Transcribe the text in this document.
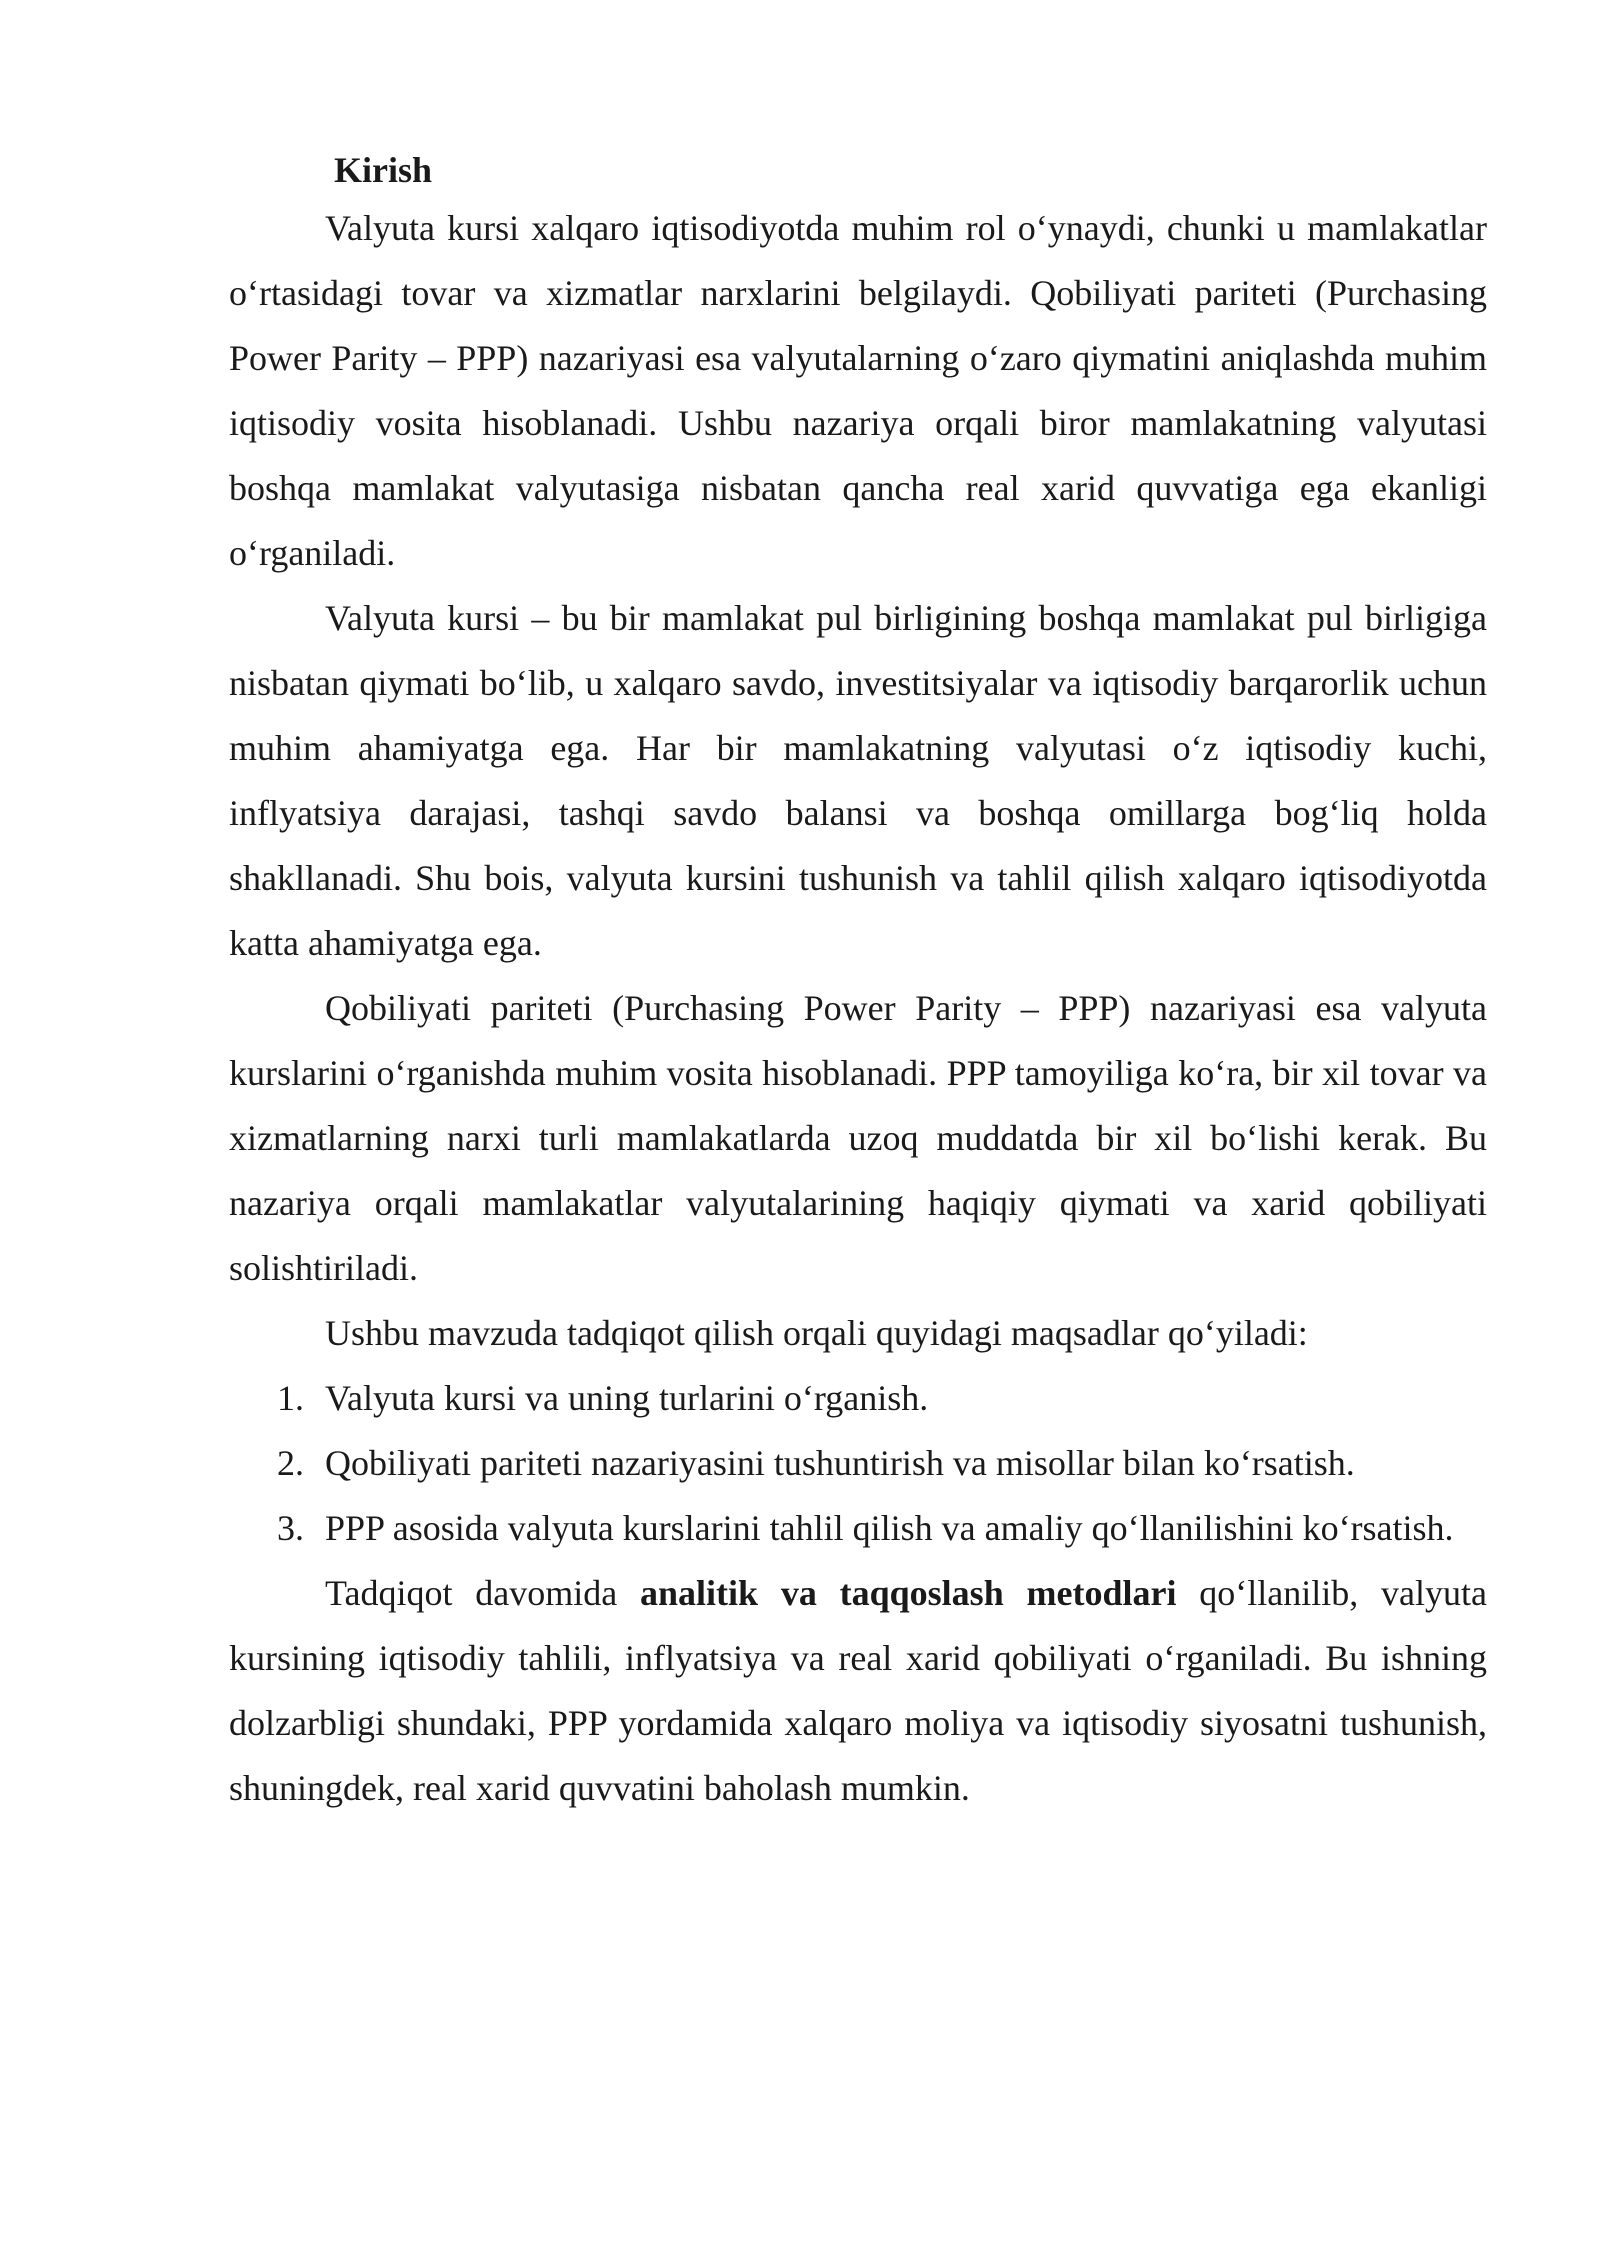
Kirish

Valyuta kursi xalqaro iqtisodiyotda muhim rol o‘ynaydi, chunki u mamlakatlar o‘rtasidagi tovar va xizmatlar narxlarini belgilaydi. Qobiliyati pariteti (Purchasing Power Parity – PPP) nazariyasi esa valyutalarning o‘zaro qiymatini aniqlashda muhim iqtisodiy vosita hisoblanadi. Ushbu nazariya orqali biror mamlakatning valyutasi boshqa mamlakat valyutasiga nisbatan qancha real xarid quvvatiga ega ekanligi o‘rganiladi.

Valyuta kursi – bu bir mamlakat pul birligining boshqa mamlakat pul birligiga nisbatan qiymati bo‘lib, u xalqaro savdo, investitsiyalar va iqtisodiy barqarorlik uchun muhim ahamiyatga ega. Har bir mamlakatning valyutasi o‘z iqtisodiy kuchi, inflyatsiya darajasi, tashqi savdo balansi va boshqa omillarga bog‘liq holda shakllanadi. Shu bois, valyuta kursini tushunish va tahlil qilish xalqaro iqtisodiyotda katta ahamiyatga ega.

Qobiliyati pariteti (Purchasing Power Parity – PPP) nazariyasi esa valyuta kurslarini o‘rganishda muhim vosita hisoblanadi. PPP tamoyiliga ko‘ra, bir xil tovar va xizmatlarning narxi turli mamlakatlarda uzoq muddatda bir xil bo‘lishi kerak. Bu nazariya orqali mamlakatlar valyutalarining haqiqiy qiymati va xarid qobiliyati solishtiriladi.

Ushbu mavzuda tadqiqot qilish orqali quyidagi maqsadlar qo‘yiladi:

1. Valyuta kursi va uning turlarini o‘rganish.
2. Qobiliyati pariteti nazariyasini tushuntirish va misollar bilan ko‘rsatish.
3. PPP asosida valyuta kurslarini tahlil qilish va amaliy qo‘llanilishini ko‘rsatish.

Tadqiqot davomida analitik va taqqoslash metodlari qo‘llanilib, valyuta kursining iqtisodiy tahlili, inflyatsiya va real xarid qobiliyati o‘rganiladi. Bu ishning dolzarbligi shundaki, PPP yordamida xalqaro moliya va iqtisodiy siyosatni tushunish, shuningdek, real xarid quvvatini baholash mumkin.
